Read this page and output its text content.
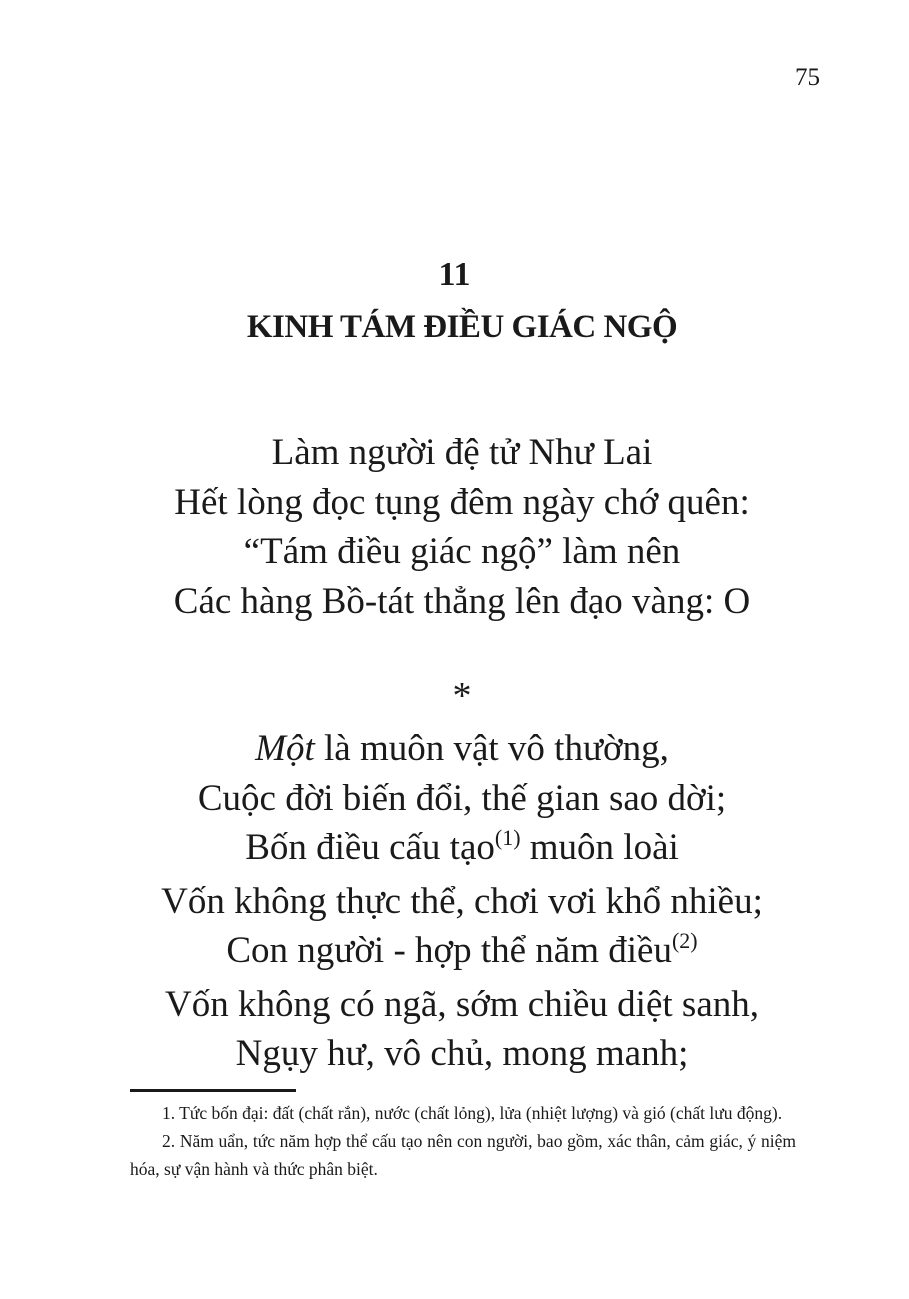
75
11
KINH TÁM ĐIỀU GIÁC NGỘ
Làm người đệ tử Như Lai
Hết lòng đọc tụng đêm ngày chớ quên:
“Tám điều giác ngộ” làm nên
Các hàng Bồ-tát thẳng lên đạo vàng: O
*
Một là muôn vật vô thường,
Cuộc đời biến đổi, thế gian sao dời;
Bốn điều cấu tạo$^{(1)}$ muôn loài
Vốn không thực thể, chơi vơi khổ nhiều;
Con người - hợp thể năm điều$^{(2)}$
Vốn không có ngã, sớm chiều diệt sanh,
Ngụy hư, vô chủ, mong manh;

1. Tức bốn đại: đất (chất rắn), nước (chất lỏng), lửa (nhiệt lượng) và gió (chất lưu động).

2. Năm uẩn, tức năm hợp thể cấu tạo nên con người, bao gồm, xác thân, cảm giác, ý niệm hóa, sự vận hành và thức phân biệt.
